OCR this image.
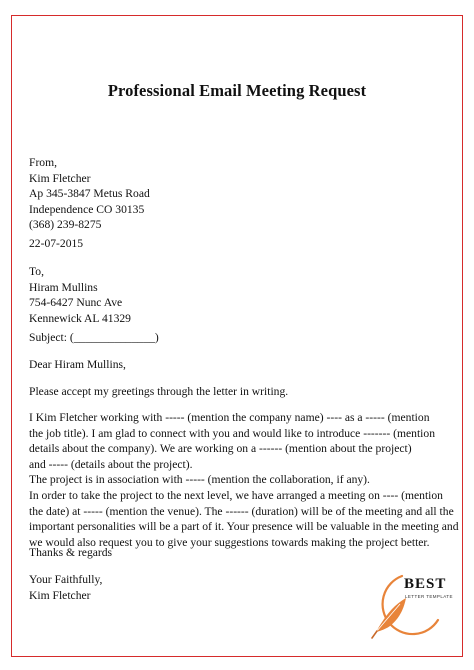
Professional Email Meeting Request
From,
Kim Fletcher
Ap 345-3847 Metus Road
Independence CO 30135
(368) 239-8275
22-07-2015
To,
Hiram Mullins
754-6427 Nunc Ave
Kennewick AL 41329
Subject: (______________)
Dear Hiram Mullins,
Please accept my greetings through the letter in writing.
I Kim Fletcher working with ----- (mention the company name) ---- as a ----- (mention
the job title). I am glad to connect with you and would like to introduce ------- (mention
details about the company). We are working on a ------ (mention about the project)
and ----- (details about the project).
The project is in association with ----- (mention the collaboration, if any).
In order to take the project to the next level, we have arranged a meeting on ---- (mention
the date) at ----- (mention the venue). The ------ (duration) will be of the meeting and all the
important personalities will be a part of it. Your presence will be valuable in the meeting and
we would also request you to give your suggestions towards making the project better.
Thanks & regards
Your Faithfully,
Kim Fletcher
BEST
LETTER TEMPLATE
